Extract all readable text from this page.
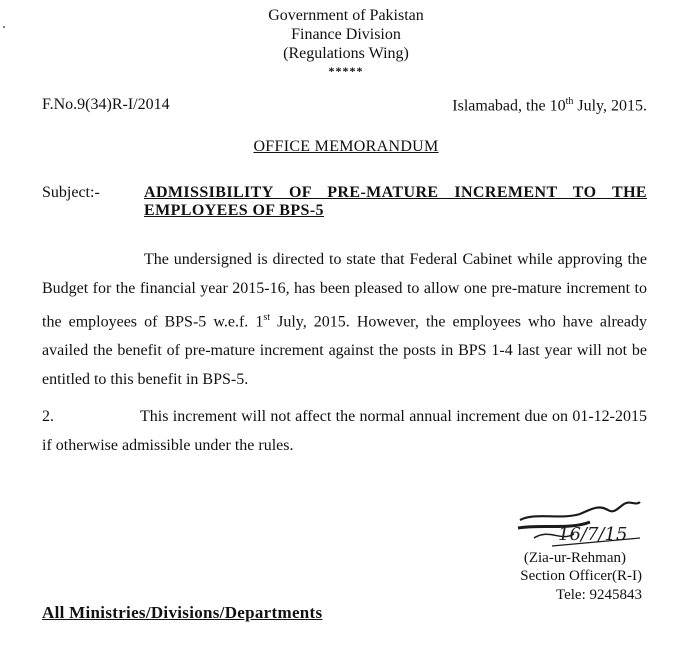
Government of Pakistan
Finance Division
(Regulations Wing)
*****
F.No.9(34)R-I/2014	Islamabad, the 10th July, 2015.
OFFICE MEMORANDUM
Subject:-	ADMISSIBILITY OF PRE-MATURE INCREMENT TO THE EMPLOYEES OF BPS-5
The undersigned is directed to state that Federal Cabinet while approving the Budget for the financial year 2015-16, has been pleased to allow one pre-mature increment to the employees of BPS-5 w.e.f. 1st July, 2015. However, the employees who have already availed the benefit of pre-mature increment against the posts in BPS 1-4 last year will not be entitled to this benefit in BPS-5.
2.	This increment will not affect the normal annual increment due on 01-12-2015 if otherwise admissible under the rules.
16/7/15
(Zia-ur-Rehman)
Section Officer(R-I)
Tele: 9245843
All Ministries/Divisions/Departments
